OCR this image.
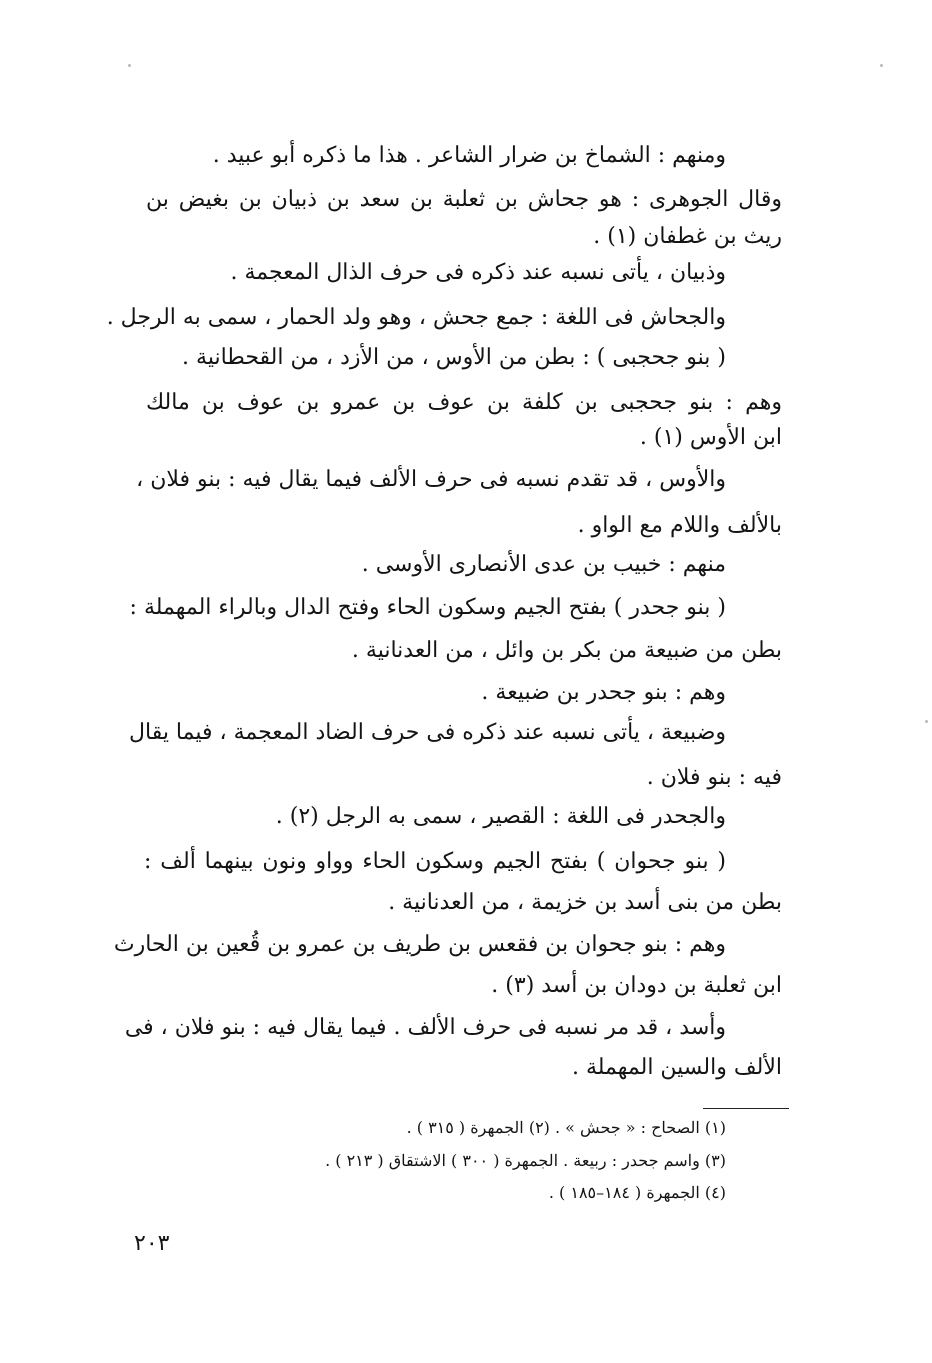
ومنهم : الشماخ بن ضرار الشاعر . هذا ما ذكره أبو عبيد .
وقال الجوهرى : هو جحاش بن ثعلبة بن سعد بن ذبيان بن بغيض بن
ريث بن غطفان (١) .
وذبيان ، يأتى نسبه عند ذكره فى حرف الذال المعجمة .
والجحاش فى اللغة : جمع جحش ، وهو ولد الحمار ، سمى به الرجل .
( بنو جحجبى ) : بطن من الأوس ، من الأزد ، من القحطانية .
وهم : بنو جحجبى بن كلفة بن عوف بن عمرو بن عوف بن مالك
ابن الأوس (١) .
والأوس ، قد تقدم نسبه فى حرف الألف فيما يقال فيه : بنو فلان ،
بالألف واللام مع الواو .
منهم : خبيب بن عدى الأنصارى الأوسى .
( بنو جحدر ) بفتح الجيم وسكون الحاء وفتح الدال وبالراء المهملة :
بطن من ضبيعة من بكر بن وائل ، من العدنانية .
وهم : بنو جحدر بن ضبيعة .
وضبيعة ، يأتى نسبه عند ذكره فى حرف الضاد المعجمة ، فيما يقال
فيه : بنو فلان .
والجحدر فى اللغة : القصير ، سمى به الرجل (٢) .
( بنو جحوان ) بفتح الجيم وسكون الحاء وواو ونون بينهما ألف :
بطن من بنى أسد بن خزيمة ، من العدنانية .
وهم : بنو جحوان بن فقعس بن طريف بن عمرو بن قُعين بن الحارث
ابن ثعلبة بن دودان بن أسد (٣) .
وأسد ، قد مر نسبه فى حرف الألف . فيما يقال فيه : بنو فلان ، فى
الألف والسين المهملة .
(١) الصحاح : « جحش » . (٢) الجمهرة ( ٣١٥ ) .
(٣) واسم جحدر : ربيعة . الجمهرة ( ٣٠٠ ) الاشتقاق ( ٢١٣ ) .
(٤) الجمهرة ( ١٨٤–١٨٥ ) .
٢٠٣
